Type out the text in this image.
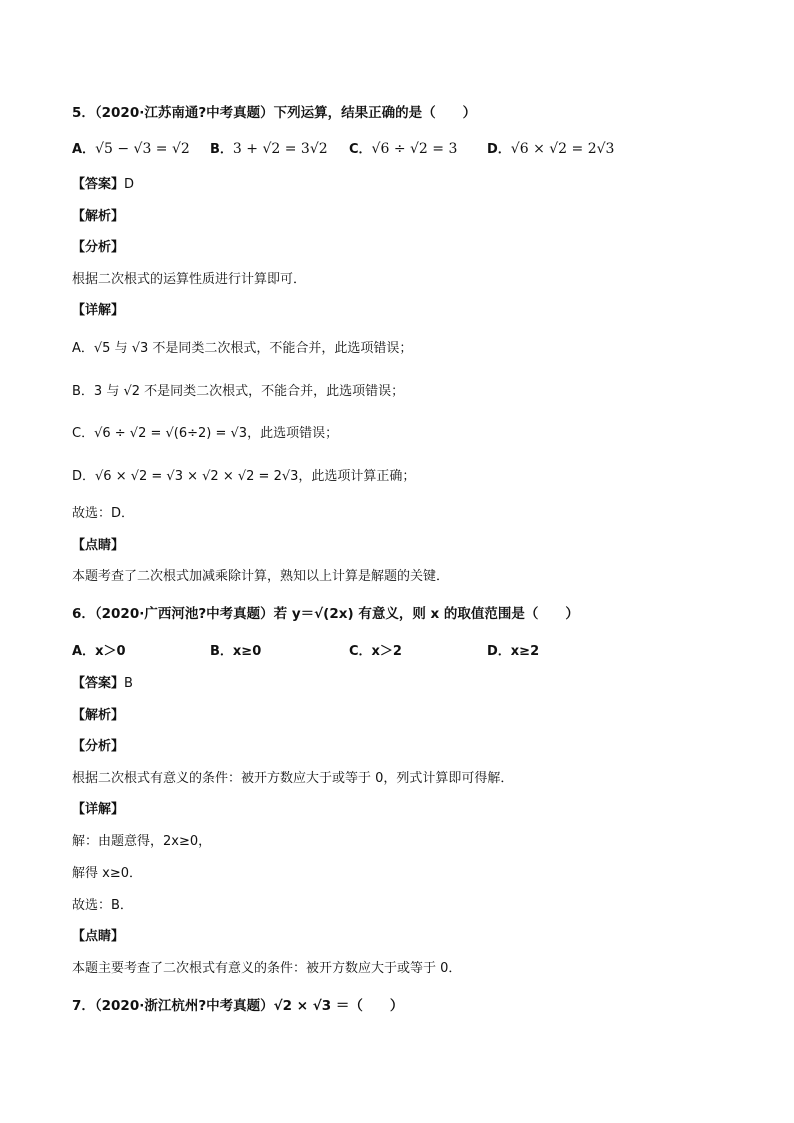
5．（2020·江苏南通?中考真题）下列运算，结果正确的是（　　）
A．√5 − √3 = √2 B．3 + √2 = 3√2 C．√6 ÷ √2 = 3 D．√6 × √2 = 2√3
【答案】D
【解析】
【分析】
根据二次根式的运算性质进行计算即可．
【详解】
A．√5 与 √3 不是同类二次根式，不能合并，此选项错误；
B．3 与 √2 不是同类二次根式，不能合并，此选项错误；
C．√6 ÷ √2 = √(6÷2) = √3，此选项错误；
D．√6 × √2 = √3 × √2 × √2 = 2√3，此选项计算正确；
故选：D．
【点睛】
本题考查了二次根式加减乘除计算，熟知以上计算是解题的关键．
6．（2020·广西河池?中考真题）若 y＝√(2x) 有意义，则 x 的取值范围是（　　）
A．x＞0	B．x≥0	C．x＞2	D．x≥2
【答案】B
【解析】
【分析】
根据二次根式有意义的条件：被开方数应大于或等于 0，列式计算即可得解．
【详解】
解：由题意得，2x≥0，
解得 x≥0．
故选：B．
【点睛】
本题主要考查了二次根式有意义的条件：被开方数应大于或等于 0．
7．（2020·浙江杭州?中考真题）√2 × √3 ＝（　　）
